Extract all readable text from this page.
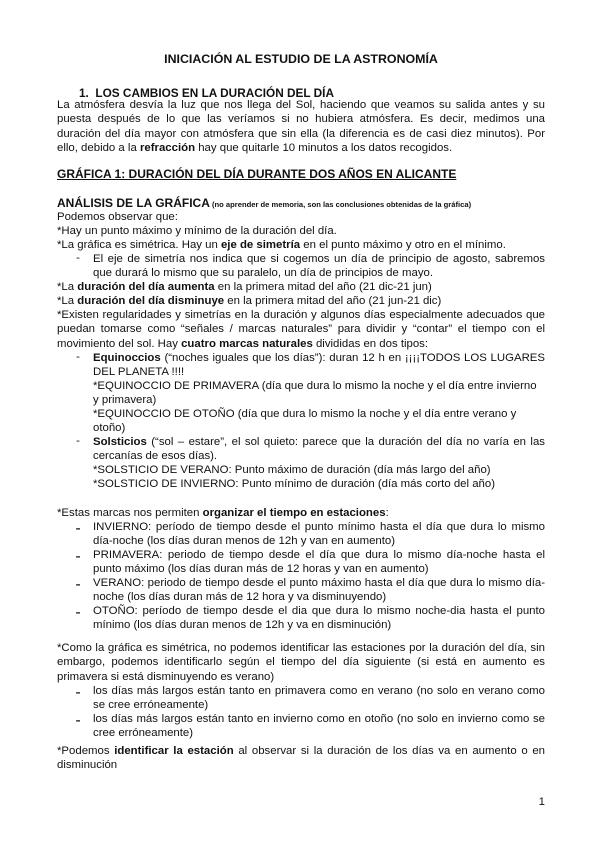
INICIACIÓN AL ESTUDIO DE LA ASTRONOMÍA
1. LOS CAMBIOS EN LA DURACIÓN DEL DÍA

La atmósfera desvía la luz que nos llega del Sol, haciendo que veamos su salida antes y su puesta después de lo que las veríamos si no hubiera atmósfera. Es decir, medimos una duración del día mayor con atmósfera que sin ella (la diferencia es de casi diez minutos). Por ello, debido a la refracción hay que quitarle 10 minutos a los datos recogidos.

GRÁFICA 1: DURACIÓN DEL DÍA DURANTE DOS AÑOS EN ALICANTE
ANÁLISIS DE LA GRÁFICA (no aprender de memoria, son las conclusiones obtenidas de la gráfica)

Podemos observar que:

*Hay un punto máximo y mínimo de la duración del día.

*La gráfica es simétrica. Hay un eje de simetría en el punto máximo y otro en el mínimo.

- El eje de simetría nos indica que si cogemos un día de principio de agosto, sabremos que durará lo mismo que su paralelo, un día de principios de mayo.

*La duración del día aumenta en la primera mitad del año (21 dic-21 jun)

*La duración del día disminuye en la primera mitad del año (21 jun-21 dic)

*Existen regularidades y simetrías en la duración y algunos días especialmente adecuados que puedan tomarse como “señales / marcas naturales” para dividir y “contar” el tiempo con el movimiento del sol. Hay cuatro marcas naturales divididas en dos tipos:

- Equinoccios (“noches iguales que los días”): duran 12 h en ¡¡¡¡TODOS LOS LUGARES DEL PLANETA !!!!

*EQUINOCCIO DE PRIMAVERA (día que dura lo mismo la noche y el día entre invierno y primavera)

*EQUINOCCIO DE OTOÑO (día que dura lo mismo la noche y el día entre verano y otoño)

- Solsticios (“sol – estare”, el sol quieto: parece que la duración del día no varía en las cercanías de esos días).

*SOLSTICIO DE VERANO: Punto máximo de duración (día más largo del año)

*SOLSTICIO DE INVIERNO: Punto mínimo de duración (día más corto del año)

*Estas marcas nos permiten organizar el tiempo en estaciones:

- INVIERNO: período de tiempo desde el punto mínimo hasta el día que dura lo mismo día-noche (los días duran menos de 12h y van en aumento)

- PRIMAVERA: periodo de tiempo desde el día que dura lo mismo día-noche hasta el punto máximo (los días duran más de 12 horas y van en aumento)

- VERANO: periodo de tiempo desde el punto máximo hasta el día que dura lo mismo día-noche (los días duran más de 12 hora y va disminuyendo)

- OTOÑO: período de tiempo desde el dia que dura lo mismo noche-dia hasta el punto mínimo (los días duran menos de 12h y va en disminución)

*Como la gráfica es simétrica, no podemos identificar las estaciones por la duración del día, sin embargo, podemos identificarlo según el tiempo del día siguiente (si está en aumento es primavera si está disminuyendo es verano)

- los días más largos están tanto en primavera como en verano (no solo en verano como se cree erróneamente)

- los días más largos están tanto en invierno como en otoño (no solo en invierno como se cree erróneamente)

*Podemos identificar la estación al observar si la duración de los días va en aumento o en disminución

1
